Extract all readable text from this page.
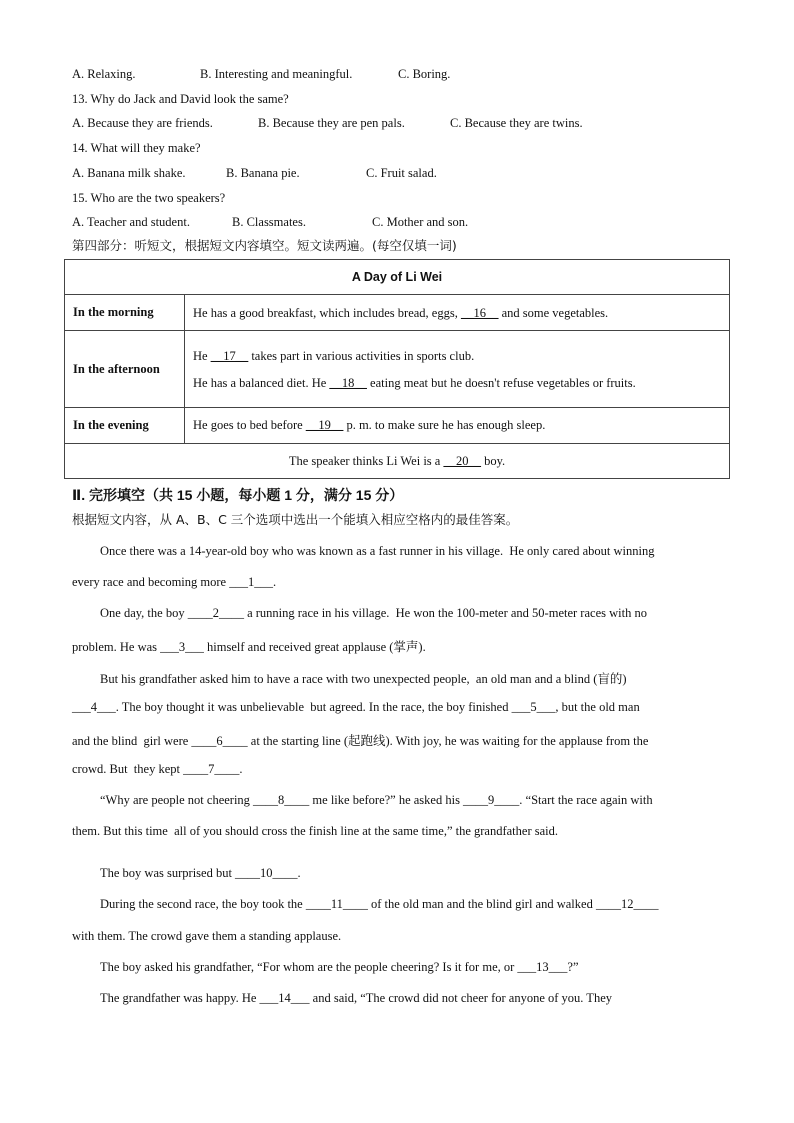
A. Relaxing.	B. Interesting and meaningful.	C. Boring.
13. Why do Jack and David look the same?
A. Because they are friends.	B. Because they are pen pals.	C. Because they are twins.
14. What will they make?
A. Banana milk shake.	B. Banana pie.	C. Fruit salad.
15. Who are the two speakers?
A. Teacher and student.	B. Classmates.	C. Mother and son.
第四部分：听短文，根据短文内容填空。短文读两遍。(每空仅填一词)
A Day of Li Wei	
In the morning	He has a good breakfast, which includes bread, eggs, __16__ and some vegetables.
In the afternoon	He __17__ takes part in various activities in sports club.
He has a balanced diet. He __18__ eating meat but he doesn't refuse vegetables or fruits.

In the evening	He goes to bed before __19__ p. m. to make sure he has enough sleep.
The speaker thinks Li Wei is a __20__ boy.	
Ⅱ. 完形填空（共 15 小题，每小题 1 分，满分 15 分）
根据短文内容，从 A、B、C 三个选项中选出一个能填入相应空格内的最佳答案。
Once there was a 14-year-old boy who was known as a fast runner in his village.  He only cared about winning
every race and becoming more ___1___.
One day, the boy ____2____ a running race in his village.  He won the 100-meter and 50-meter races with no
problem. He was ___3___ himself and received great applause (掌声).
But his grandfather asked him to have a race with two unexpected people,  an old man and a blind (盲的)
___4___. The boy thought it was unbelievable  but agreed. In the race, the boy finished ___5___, but the old man
and the blind  girl were ____6____ at the starting line (起跑线). With joy, he was waiting for the applause from the
crowd. But  they kept ____7____.
“Why are people not cheering ____8____ me like before?” he asked his ____9____. “Start the race again with
them. But this time  all of you should cross the finish line at the same time,” the grandfather said.
The boy was surprised but ____10____.
During the second race, the boy took the ____11____ of the old man and the blind girl and walked ____12____
with them. The crowd gave them a standing applause.
The boy asked his grandfather, “For whom are the people cheering? Is it for me, or ___13___?”
The grandfather was happy. He ___14___ and said, “The crowd did not cheer for anyone of you. They
